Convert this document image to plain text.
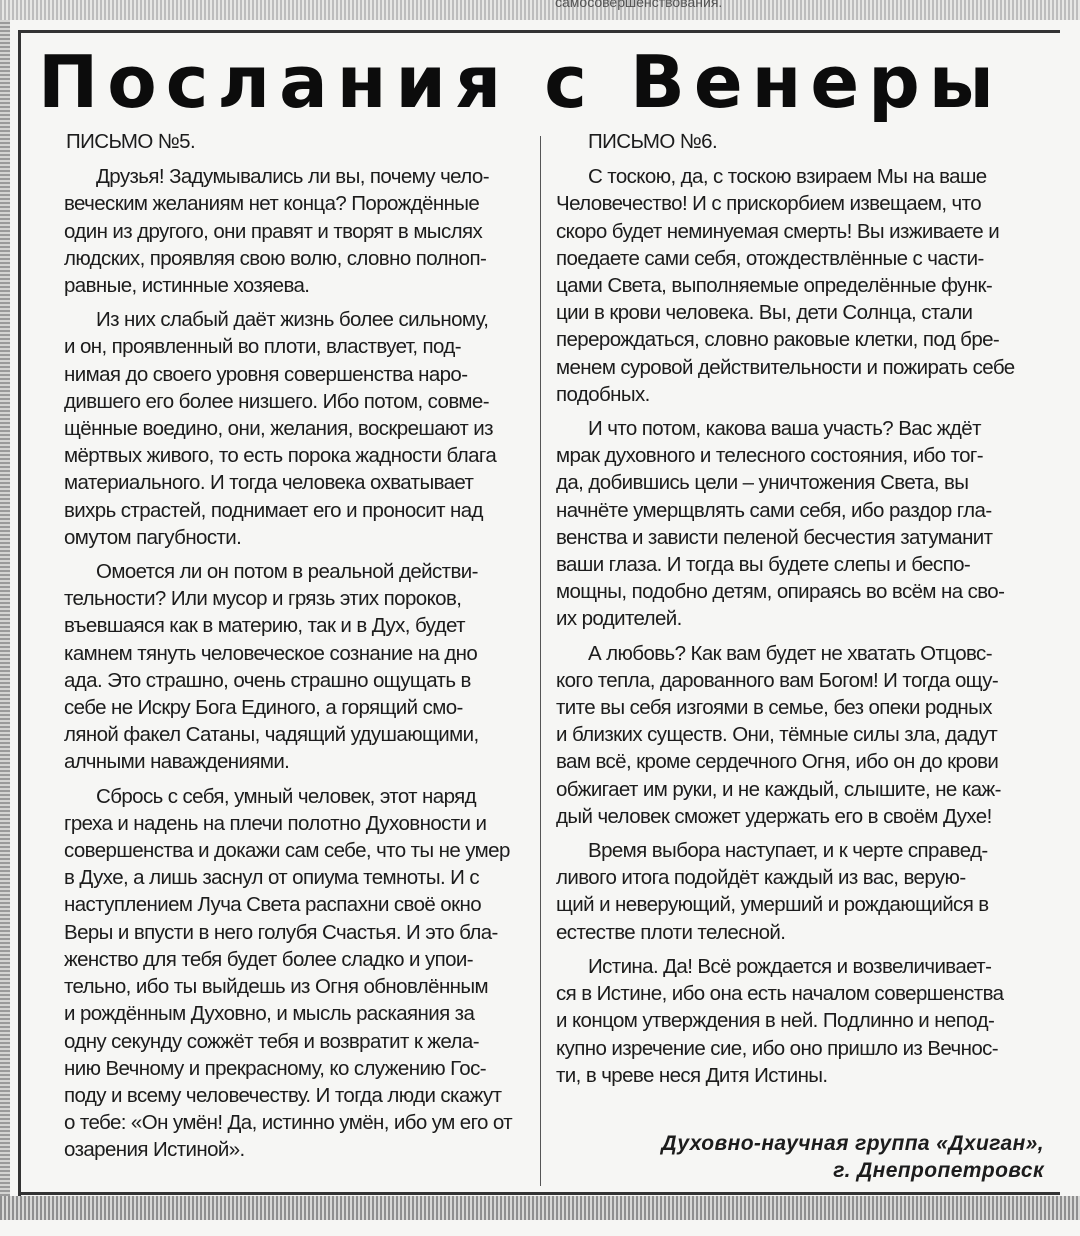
самосовершенствования.
Послания с Венеры
ПИСЬМО №5.

Друзья! Задумывались ли вы, почему чело-
веческим желаниям нет конца? Порождённые
один из другого, они правят и творят в мыслях
людских, проявляя свою волю, словно полноп-
равные, истинные хозяева.

Из них слабый даёт жизнь более сильному,
и он, проявленный во плоти, властвует, под-
нимая до своего уровня совершенства наро-
дившего его более низшего. Ибо потом, совме-
щённые воедино, они, желания, воскрешают из
мёртвых живого, то есть порока жадности блага
материального. И тогда человека охватывает
вихрь страстей, поднимает его и проносит над
омутом пагубности.

Омоется ли он потом в реальной действи-
тельности? Или мусор и грязь этих пороков,
въевшаяся как в материю, так и в Дух, будет
камнем тянуть человеческое сознание на дно
ада. Это страшно, очень страшно ощущать в
себе не Искру Бога Единого, а горящий смо-
ляной факел Сатаны, чадящий удушающими,
алчными наваждениями.

Сбрось с себя, умный человек, этот наряд
греха и надень на плечи полотно Духовности и
совершенства и докажи сам себе, что ты не умер
в Духе, а лишь заснул от опиума темноты. И с
наступлением Луча Света распахни своё окно
Веры и впусти в него голубя Счастья. И это бла-
женство для тебя будет более сладко и упои-
тельно, ибо ты выйдешь из Огня обновлённым
и рождённым Духовно, и мысль раскаяния за
одну секунду сожжёт тебя и возвратит к жела-
нию Вечному и прекрасному, ко служению Гос-
поду и всему человечеству. И тогда люди скажут
о тебе: «Он умён! Да, истинно умён, ибо ум его от
озарения Истиной».

ПИСЬМО №6.

С тоскою, да, с тоскою взираем Мы на ваше
Человечество! И с прискорбием извещаем, что
скоро будет неминуемая смерть! Вы изживаете и
поедаете сами себя, отождествлённые с части-
цами Света, выполняемые определённые функ-
ции в крови человека. Вы, дети Солнца, стали
перерождаться, словно раковые клетки, под бре-
менем суровой действительности и пожирать себе
подобных.

И что потом, какова ваша участь? Вас ждёт
мрак духовного и телесного состояния, ибо тог-
да, добившись цели – уничтожения Света, вы
начнёте умерщвлять сами себя, ибо раздор гла-
венства и зависти пеленой бесчестия затуманит
ваши глаза. И тогда вы будете слепы и беспо-
мощны, подобно детям, опираясь во всём на сво-
их родителей.

А любовь? Как вам будет не хватать Отцовс-
кого тепла, дарованного вам Богом! И тогда ощу-
тите вы себя изгоями в семье, без опеки родных
и близких существ. Они, тёмные силы зла, дадут
вам всё, кроме сердечного Огня, ибо он до крови
обжигает им руки, и не каждый, слышите, не каж-
дый человек сможет удержать его в своём Духе!

Время выбора наступает, и к черте справед-
ливого итога подойдёт каждый из вас, верую-
щий и неверующий, умерший и рождающийся в
естестве плоти телесной.

Истина. Да! Всё рождается и возвеличивает-
ся в Истине, ибо она есть началом совершенства
и концом утверждения в ней. Подлинно и непод-
купно изречение сие, ибо оно пришло из Вечнос-
ти, в чреве неся Дитя Истины.

Духовно-научная группа «Дхиган»,
г. Днепропетровск
